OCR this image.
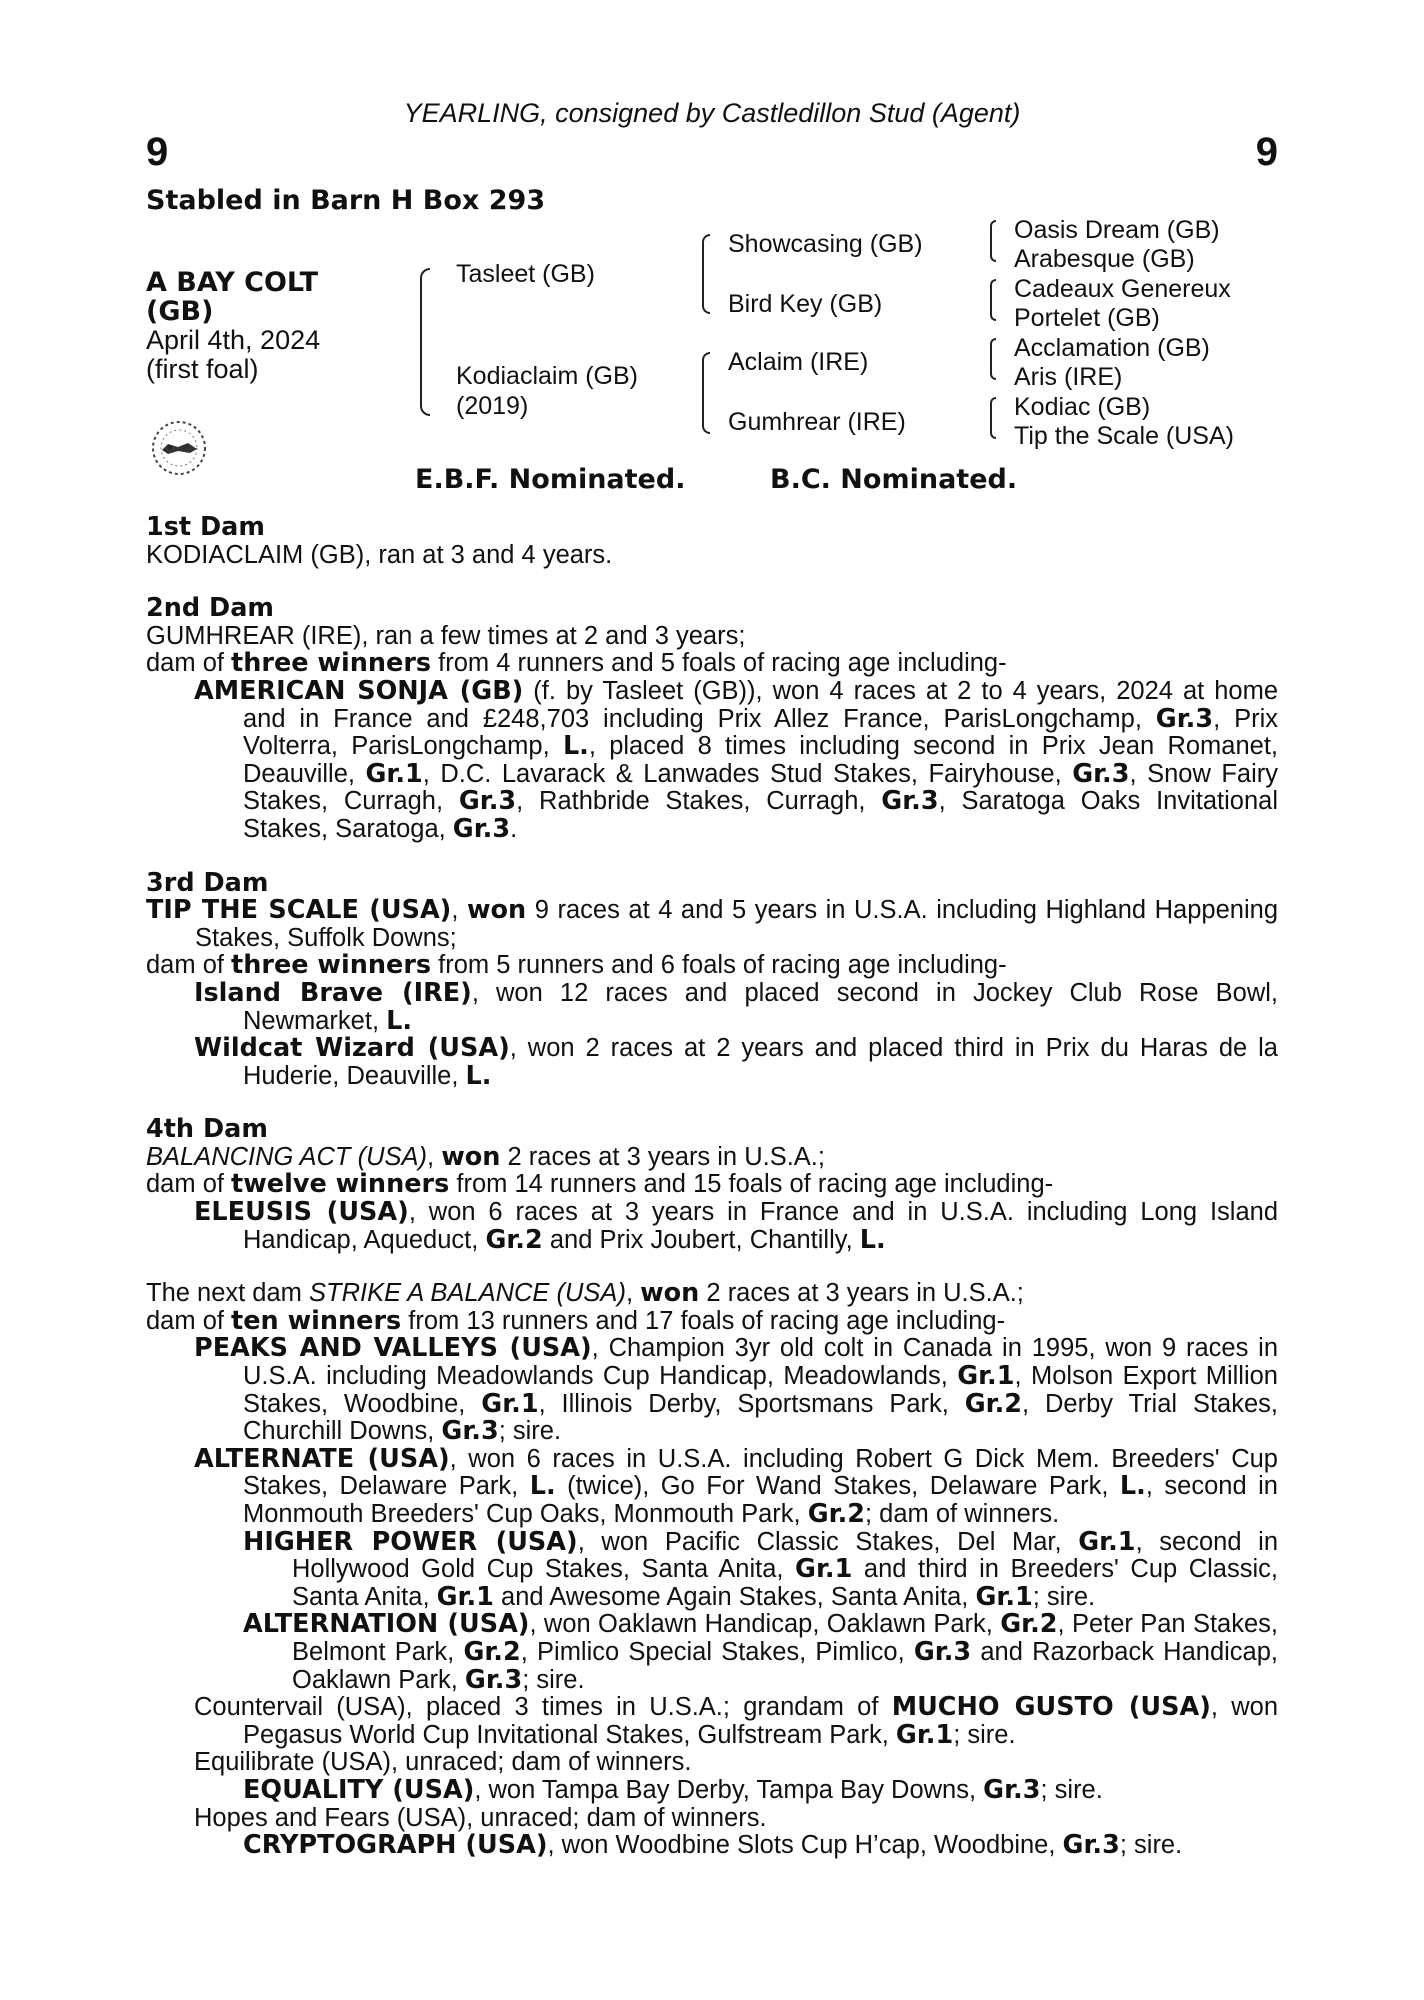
YEARLING, consigned by Castledillon Stud (Agent)
9	9
Stabled in Barn H Box 293
A BAY COLT
(GB)
April 4th, 2024
(first foal)
Tasleet (GB)
Kodiaclaim (GB)
(2019)
Showcasing (GB)
Bird Key (GB)
Aclaim (IRE)
Gumhrear (IRE)
Oasis Dream (GB)
Arabesque (GB)
Cadeaux Genereux
Portelet (GB)
Acclamation (GB)
Aris (IRE)
Kodiac (GB)
Tip the Scale (USA)
E.B.F. Nominated.	B.C. Nominated.
1st Dam
KODIACLAIM (GB), ran at 3 and 4 years.
2nd Dam
GUMHREAR (IRE), ran a few times at 2 and 3 years;
dam of three winners from 4 runners and 5 foals of racing age including-
AMERICAN SONJA (GB) (f. by Tasleet (GB)), won 4 races at 2 to 4 years, 2024 at home and in France and £248,703 including Prix Allez France, ParisLongchamp, Gr.3, Prix Volterra, ParisLongchamp, L., placed 8 times including second in Prix Jean Romanet, Deauville, Gr.1, D.C. Lavarack & Lanwades Stud Stakes, Fairyhouse, Gr.3, Snow Fairy Stakes, Curragh, Gr.3, Rathbride Stakes, Curragh, Gr.3, Saratoga Oaks Invitational Stakes, Saratoga, Gr.3.
3rd Dam
TIP THE SCALE (USA), won 9 races at 4 and 5 years in U.S.A. including Highland Happening Stakes, Suffolk Downs;
dam of three winners from 5 runners and 6 foals of racing age including-
Island Brave (IRE), won 12 races and placed second in Jockey Club Rose Bowl, Newmarket, L.
Wildcat Wizard (USA), won 2 races at 2 years and placed third in Prix du Haras de la Huderie, Deauville, L.
4th Dam
BALANCING ACT (USA), won 2 races at 3 years in U.S.A.;
dam of twelve winners from 14 runners and 15 foals of racing age including-
ELEUSIS (USA), won 6 races at 3 years in France and in U.S.A. including Long Island Handicap, Aqueduct, Gr.2 and Prix Joubert, Chantilly, L.
The next dam STRIKE A BALANCE (USA), won 2 races at 3 years in U.S.A.;
dam of ten winners from 13 runners and 17 foals of racing age including-
PEAKS AND VALLEYS (USA), Champion 3yr old colt in Canada in 1995, won 9 races in U.S.A. including Meadowlands Cup Handicap, Meadowlands, Gr.1, Molson Export Million Stakes, Woodbine, Gr.1, Illinois Derby, Sportsmans Park, Gr.2, Derby Trial Stakes, Churchill Downs, Gr.3; sire.
ALTERNATE (USA), won 6 races in U.S.A. including Robert G Dick Mem. Breeders' Cup Stakes, Delaware Park, L. (twice), Go For Wand Stakes, Delaware Park, L., second in Monmouth Breeders' Cup Oaks, Monmouth Park, Gr.2; dam of winners.
HIGHER POWER (USA), won Pacific Classic Stakes, Del Mar, Gr.1, second in Hollywood Gold Cup Stakes, Santa Anita, Gr.1 and third in Breeders' Cup Classic, Santa Anita, Gr.1 and Awesome Again Stakes, Santa Anita, Gr.1; sire.
ALTERNATION (USA), won Oaklawn Handicap, Oaklawn Park, Gr.2, Peter Pan Stakes, Belmont Park, Gr.2, Pimlico Special Stakes, Pimlico, Gr.3 and Razorback Handicap, Oaklawn Park, Gr.3; sire.
Countervail (USA), placed 3 times in U.S.A.; grandam of MUCHO GUSTO (USA), won Pegasus World Cup Invitational Stakes, Gulfstream Park, Gr.1; sire.
Equilibrate (USA), unraced; dam of winners.
EQUALITY (USA), won Tampa Bay Derby, Tampa Bay Downs, Gr.3; sire.
Hopes and Fears (USA), unraced; dam of winners.
CRYPTOGRAPH (USA), won Woodbine Slots Cup H’cap, Woodbine, Gr.3; sire.
